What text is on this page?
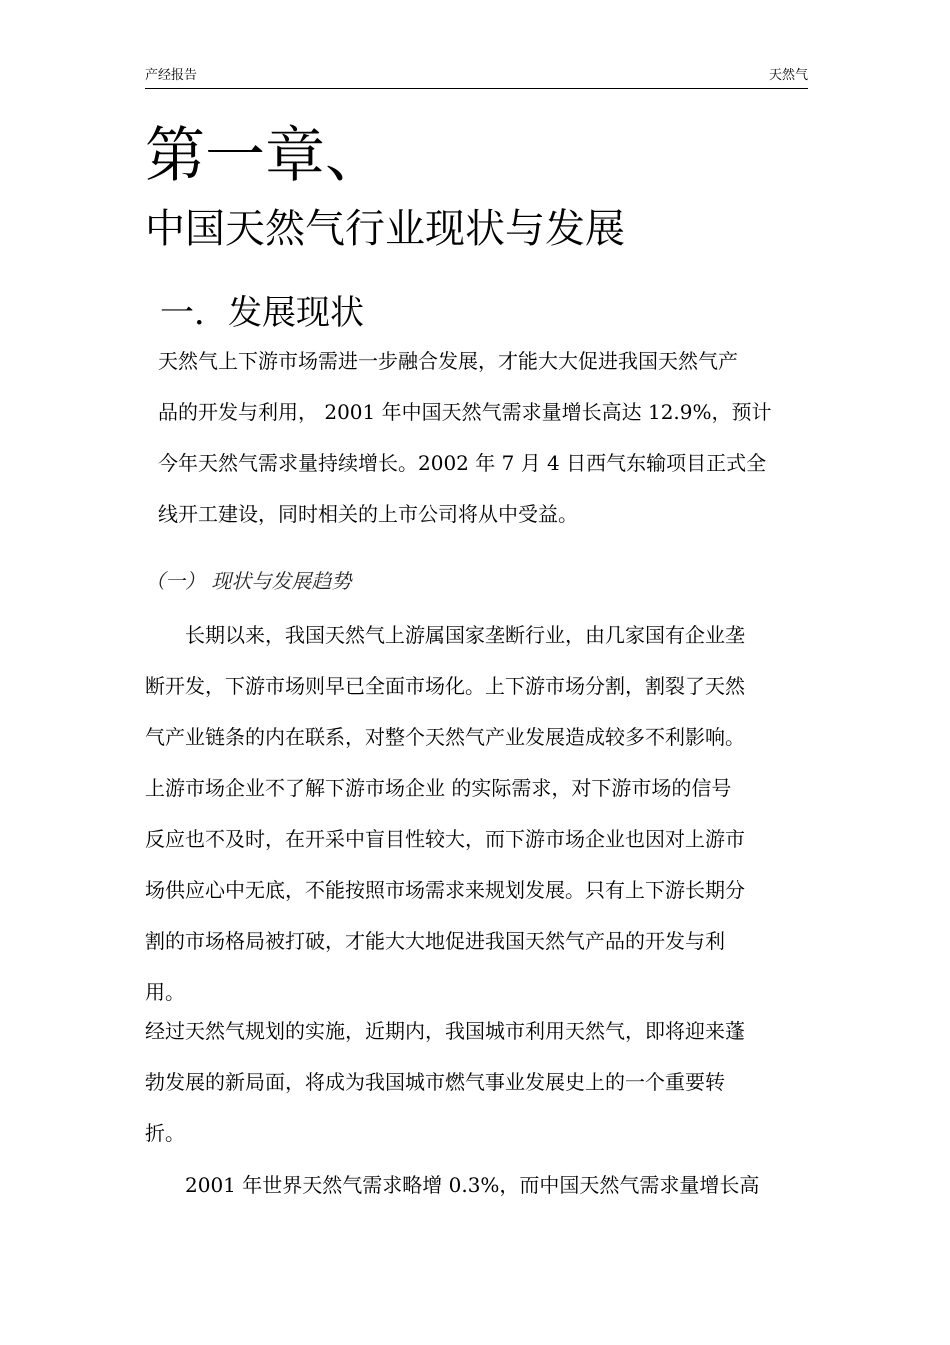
产经报告	天然气
第一章、
中国天然气行业现状与发展
一．发展现状

天然气上下游市场需进一步融合发展，才能大大促进我国天然气产
品的开发与利用， 2001 年中国天然气需求量增长高达 12.9%，预计
今年天然气需求量持续增长。2002 年 7 月 4 日西气东输项目正式全
线开工建设，同时相关的上市公司将从中受益。

（一） 现状与发展趋势

　　长期以来，我国天然气上游属国家垄断行业，由几家国有企业垄
断开发，下游市场则早已全面市场化。上下游市场分割，割裂了天然
气产业链条的内在联系，对整个天然气产业发展造成较多不利影响。
上游市场企业不了解下游市场企业 的实际需求，对下游市场的信号
反应也不及时，在开采中盲目性较大，而下游市场企业也因对上游市
场供应心中无底，不能按照市场需求来规划发展。只有上下游长期分
割的市场格局被打破，才能大大地促进我国天然气产品的开发与利
用。

经过天然气规划的实施，近期内，我国城市利用天然气，即将迎来蓬
勃发展的新局面，将成为我国城市燃气事业发展史上的一个重要转
折。

　　2001 年世界天然气需求略增 0.3%，而中国天然气需求量增长高
